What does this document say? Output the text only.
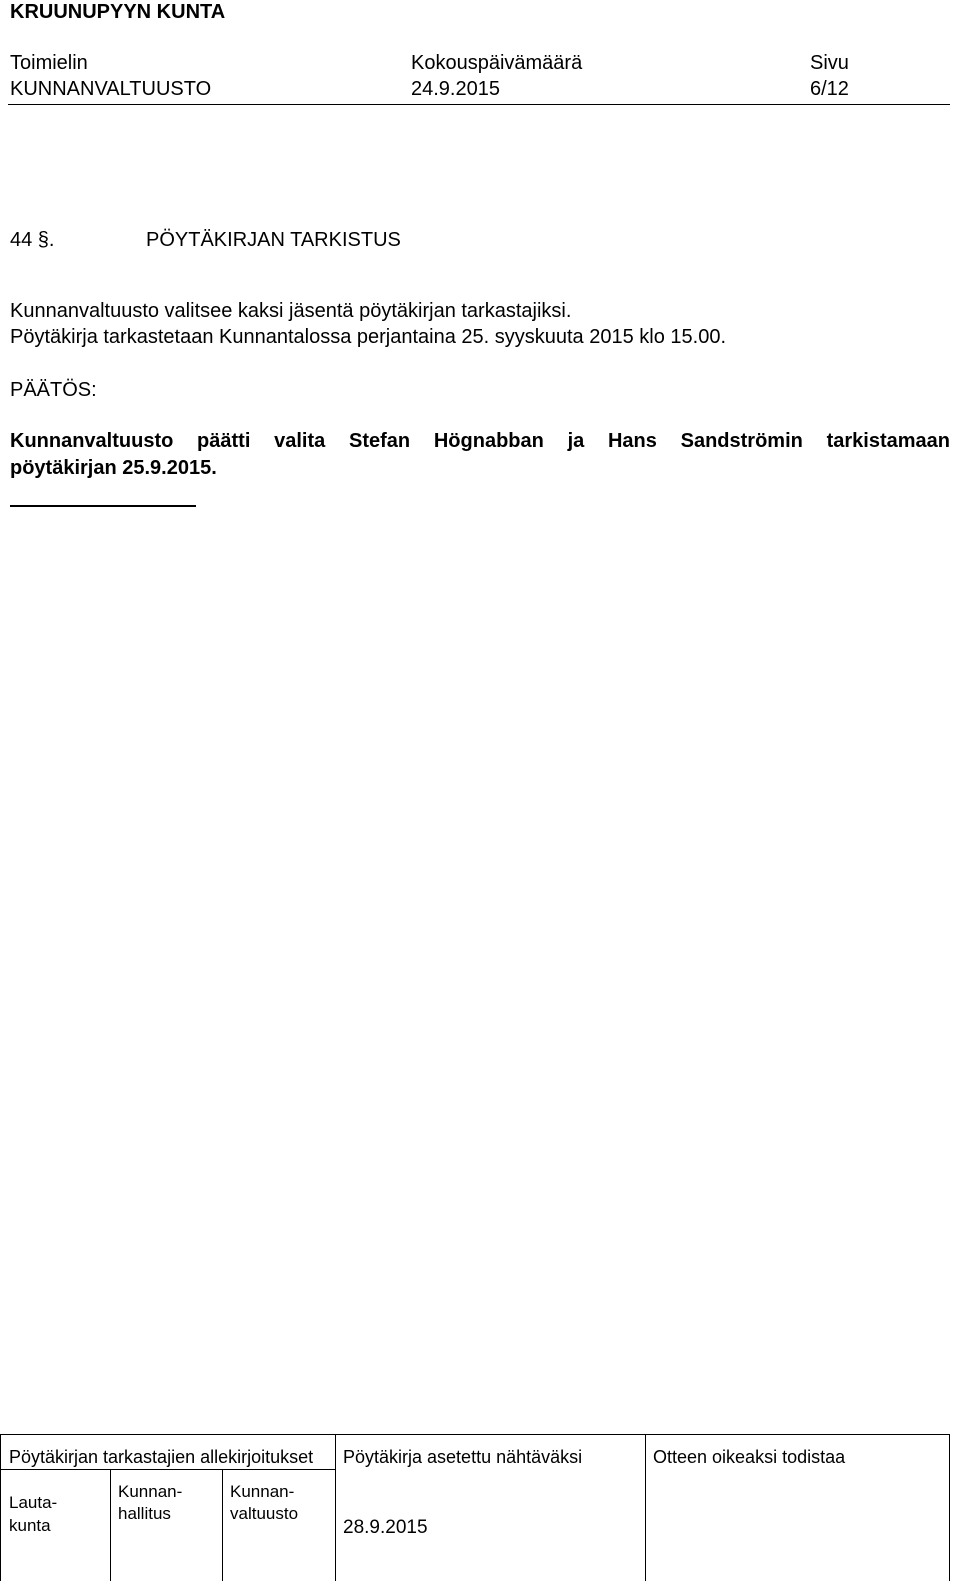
KRUUNUPYYN KUNTA
Toimielin
KUNNANVALTUUSTO
Kokouspäivämäärä
24.9.2015
Sivu
6/12
44 §.	PÖYTÄKIRJAN TARKISTUS
Kunnanvaltuusto valitsee kaksi jäsentä pöytäkirjan tarkastajiksi.
Pöytäkirja tarkastetaan Kunnantalossa perjantaina 25. syyskuuta 2015 klo 15.00.
PÄÄTÖS:
Kunnanvaltuusto päätti valita Stefan Högnabban ja Hans Sandströmin tarkistamaan
pöytäkirjan 25.9.2015.
Pöytäkirjan tarkastajien allekirjoitukset Pöytäkirja asetettu nähtäväksi	Otteen oikeaksi todistaa
Lauta-
kunta
Kunnan-
hallitus
Kunnan-
valtuusto
28.9.2015
